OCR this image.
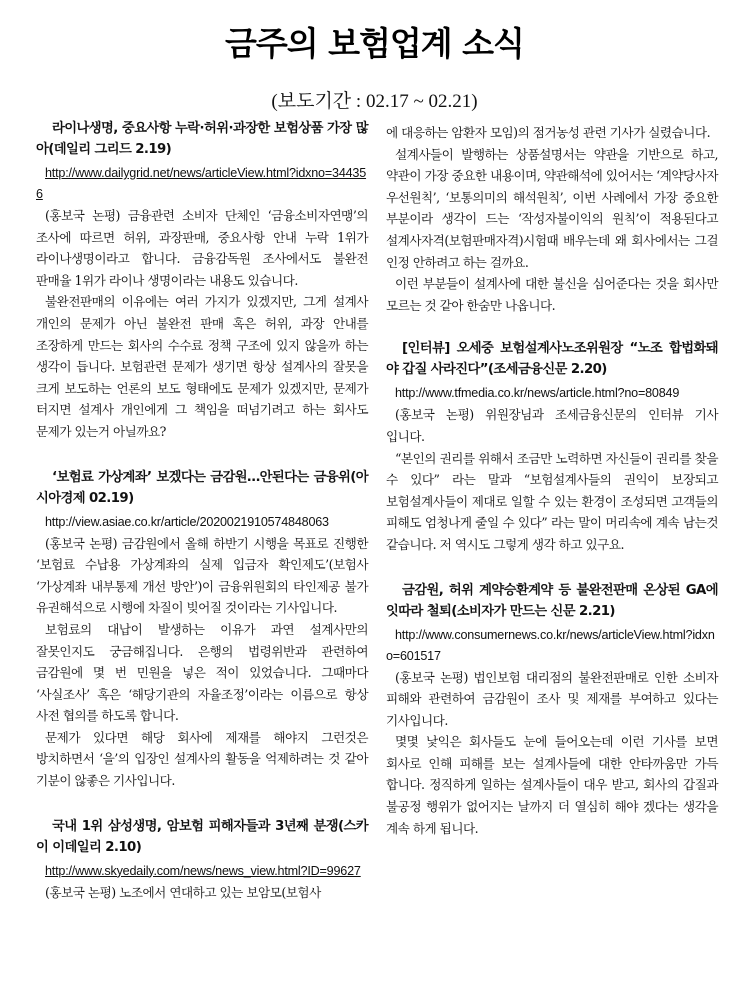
금주의 보험업계 소식
(보도기간 : 02.17 ~ 02.21)
라이나생명, 중요사항 누락·허위·과장한 보험상품 가장 많아(데일리 그리드 2.19)
http://www.dailygrid.net/news/articleView.html?idxno=344356

(홍보국 논평) 금융관련 소비자 단체인 ‘금융소비자연맹’의 조사에 따르면 허위, 과장판매, 중요사항 안내 누락 1위가 라이나생명이라고 합니다. 금융감독원 조사에서도 불완전 판매율 1위가 라이나 생명이라는 내용도 있습니다.

불완전판매의 이유에는 여러 가지가 있겠지만, 그게 설계사 개인의 문제가 아닌 불완전 판매 혹은 허위, 과장 안내를 조장하게 만드는 회사의 수수료 정책 구조에 있지 않을까 하는 생각이 듭니다. 보험관련 문제가 생기면 항상 설계사의 잘못을 크게 보도하는 언론의 보도 형태에도 문제가 있겠지만, 문제가 터지면 설계사 개인에게 그 책임을 떠넘기려고 하는 회사도 문제가 있는거 아닐까요?

‘보험료 가상계좌’ 보겠다는 금감원…안된다는 금융위(아시아경제 02.19)
http://view.asiae.co.kr/article/2020021910574848063

(홍보국 논평) 금감원에서 올해 하반기 시행을 목표로 진행한 ‘보험료 수납용 가상계좌의 실제 입금자 확인제도’(보험사 ‘가상계좌 내부통제 개선 방안’)이 금융위원회의 타인제공 불가 유권해석으로 시행에 차질이 빚어질 것이라는 기사입니다.

보험료의 대납이 발생하는 이유가 과연 설계사만의 잘못인지도 궁금해집니다. 은행의 법령위반과 관련하여 금감원에 몇 번 민원을 넣은 적이 있었습니다. 그때마다 ‘사실조사’ 혹은 ‘해당기관의 자율조정’이라는 이름으로 항상 사전 협의를 하도록 합니다.

문제가 있다면 해당 회사에 제재를 해야지 그런것은 방치하면서 ‘을’의 입장인 설계사의 활동을 억제하려는 것 같아 기분이 않좋은 기사입니다.

국내 1위 삼성생명, 암보험 피해자들과 3년째 분쟁(스카이 이데일리 2.10)
http://www.skyedaily.com/news/news_view.html?ID=99627

(홍보국 논평) 노조에서 연대하고 있는 보암모(보험사

에 대응하는 암환자 모임)의 점거농성 관련 기사가 실렸습니다.

설계사들이 발행하는 상품설명서는 약관을 기반으로 하고, 약관이 가장 중요한 내용이며, 약관해석에 있어서는 ‘계약당사자 우선원칙’, ‘보통의미의 해석원칙’, 이번 사례에서 가장 중요한 부분이라 생각이 드는 ‘작성자불이익의 원칙’이 적용된다고 설계사자격(보험판매자격)시험때 배우는데 왜 회사에서는 그걸 인정 안하려고 하는 걸까요.

이런 부분들이 설계사에 대한 불신을 심어준다는 것을 회사만 모르는 것 같아 한숨만 나옵니다.

[인터뷰] 오세중 보험설계사노조위원장 “노조 합법화돼야 갑질 사라진다”(조세금융신문 2.20)
http://www.tfmedia.co.kr/news/article.html?no=80849

(홍보국 논평) 위원장님과 조세금융신문의 인터뷰 기사 입니다.

“본인의 권리를 위해서 조금만 노력하면 자신들이 권리를 찾을 수 있다” 라는 말과 “보험설계사들의 권익이 보장되고 보험설계사들이 제대로 일할 수 있는 환경이 조성되면 고객들의 피해도 엄청나게 줄일 수 있다” 라는 말이 머리속에 계속 남는것 같습니다. 저 역시도 그렇게 생각 하고 있구요.

금감원, 허위 계약승환계약 등 불완전판매 온상된 GA에 잇따라 철퇴(소비자가 만드는 신문 2.21)
http://www.consumernews.co.kr/news/articleView.html?idxno=601517

(홍보국 논평) 법인보험 대리점의 불완전판매로 인한 소비자 피해와 관련하여 금감원이 조사 및 제재를 부여하고 있다는 기사입니다.

몇몇 낯익은 회사들도 눈에 들어오는데 이런 기사를 보면 회사로 인해 피해를 보는 설계사들에 대한 안타까움만 가득 합니다. 정직하게 일하는 설계사들이 대우 받고, 회사의 갑질과 불공정 행위가 없어지는 날까지 더 열심히 해야 겠다는 생각을 계속 하게 됩니다.
